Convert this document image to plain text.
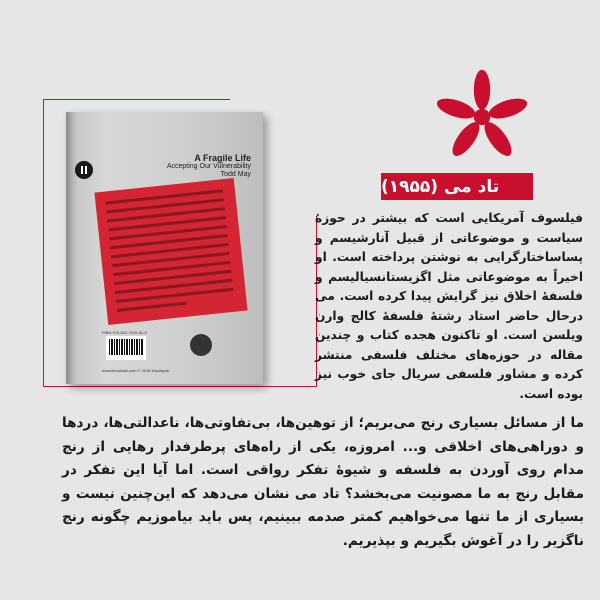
A Fragile Life
Accepting Our Vulnerability
Todd May
ISBN 978-622-7049-81-5
www.khoobiab.com © 2018 khoobpub
تاد می (۱۹۵۵)
فیلسوف آمریکایی است که بیشتر در حوزهٔ سیاست و موضوعاتی از قبیل آنارشیسم و پساساختارگرایی به نوشتن پرداخته است. او اخیراً به موضوعاتی مثل اگزیستانسیالیسم و فلسفهٔ اخلاق نیز گرایش پیدا کرده است. می درحال حاضر استاد رشتهٔ فلسفهٔ کالج وارن ویلسن است. او تاکنون هجده کتاب و چندین مقاله در حوزه‌های مختلف فلسفی منتشر کرده و مشاور فلسفی سریال جای خوب نیز بوده است.
ما از مسائل بسیاری رنج می‌بریم؛ از توهین‌ها، بی‌تفاوتی‌ها، ناعدالتی‌ها، دردها و دوراهی‌های اخلاقی و... امروزه، یکی از راه‌های پرطرفدار رهایی از رنج مدام روی آوردن به فلسفه و شیوهٔ تفکر رواقی است. اما آیا این تفکر در مقابل رنج به ما مصونیت می‌بخشد؟ تاد می نشان می‌دهد که این‌چنین نیست و بسیاری از ما تنها می‌خواهیم کمتر صدمه ببینیم، پس باید بیاموزیم چگونه رنج ناگزیر را در آغوش بگیریم و بپذیریم.
